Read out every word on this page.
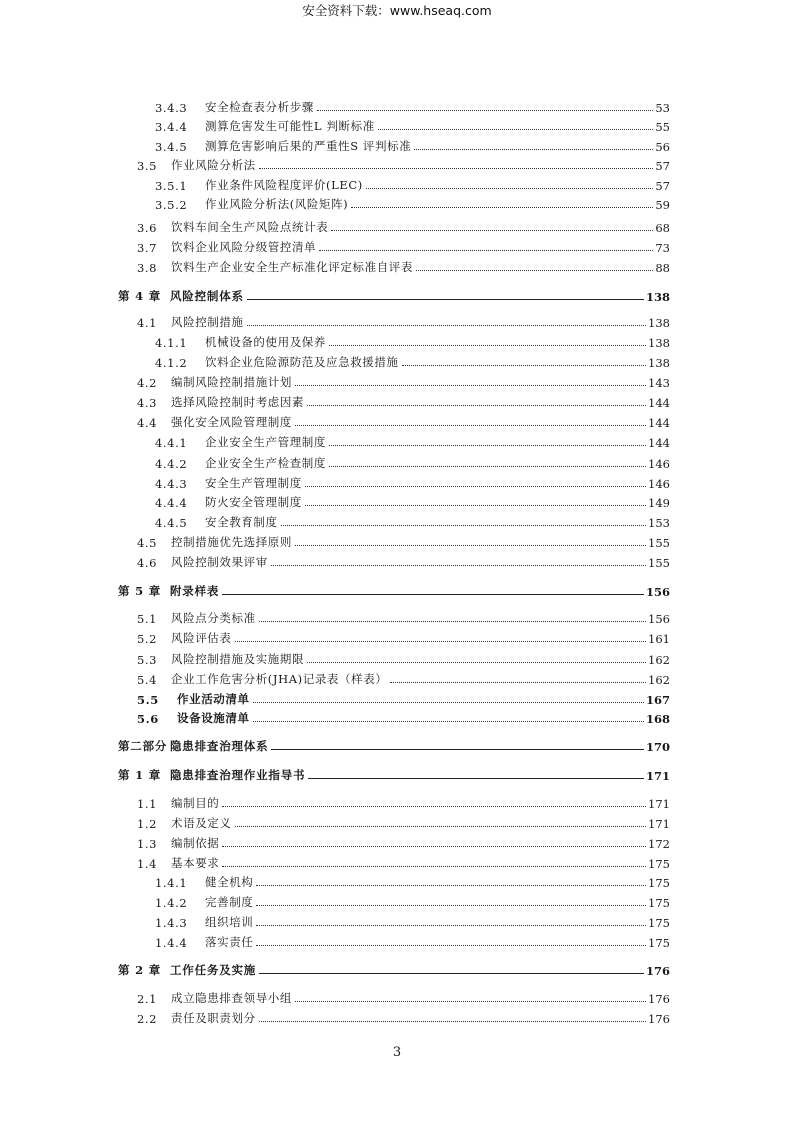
安全资料下载：www.hseaq.com
3.4.3	安全检查表分析步骤	53
3.4.4	测算危害发生可能性L 判断标准	55
3.4.5	测算危害影响后果的严重性S 评判标准	56
3.5	作业风险分析法	57
3.5.1	作业条件风险程度评价(LEC)	57
3.5.2	作业风险分析法(风险矩阵)	59
3.6	饮料车间全生产风险点统计表	68
3.7	饮料企业风险分级管控清单	73
3.8	饮料生产企业安全生产标准化评定标准自评表	88
第 4 章 风险控制体系	138
4.1	风险控制措施	138
4.1.1	机械设备的使用及保养	138
4.1.2	饮料企业危险源防范及应急救援措施	138
4.2	编制风险控制措施计划	143
4.3	选择风险控制时考虑因素	144
4.4	强化安全风险管理制度	144
4.4.1	企业安全生产管理制度	144
4.4.2	企业安全生产检查制度	146
4.4.3	安全生产管理制度	146
4.4.4	防火安全管理制度	149
4.4.5	安全教育制度	153
4.5	控制措施优先选择原则	155
4.6	风险控制效果评审	155
第 5 章 附录样表	156
5.1	风险点分类标准	156
5.2	风险评估表	161
5.3	风险控制措施及实施期限	162
5.4	企业工作危害分析(JHA)记录表（样表）	162
5.5	作业活动清单	167
5.6	设备设施清单	168
第二部分 隐患排查治理体系	170
第 1 章 隐患排查治理作业指导书	171
1.1	编制目的	171
1.2	术语及定义	171
1.3	编制依据	172
1.4	基本要求	175
1.4.1	健全机构	175
1.4.2	完善制度	175
1.4.3	组织培训	175
1.4.4	落实责任	175
第 2 章 工作任务及实施	176
2.1	成立隐患排查领导小组	176
2.2	责任及职责划分	176
3
